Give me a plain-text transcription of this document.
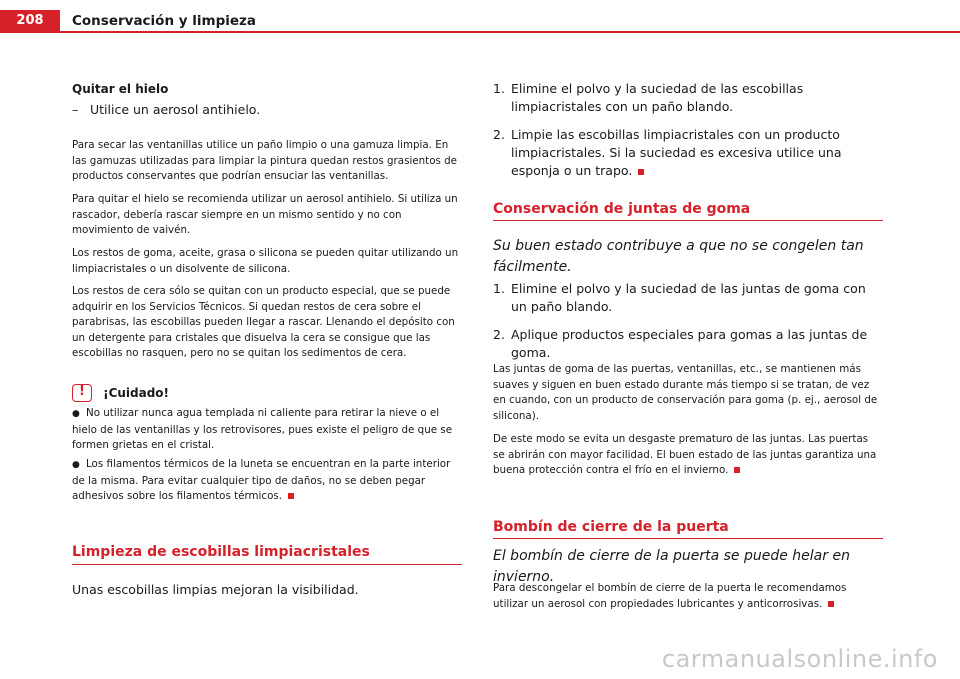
208	Conservación y limpieza
Quitar el hielo
– Utilice un aerosol antihielo.
Para secar las ventanillas utilice un paño limpio o una gamuza limpia. En las gamuzas utilizadas para limpiar la pintura quedan restos grasientos de productos conservantes que podrían ensuciar las ventanillas.
Para quitar el hielo se recomienda utilizar un aerosol antihielo. Si utiliza un rascador, debería rascar siempre en un mismo sentido y no con movimiento de vaivén.
Los restos de goma, aceite, grasa o silicona se pueden quitar utilizando un limpiacristales o un disolvente de silicona.
Los restos de cera sólo se quitan con un producto especial, que se puede adquirir en los Servicios Técnicos. Si quedan restos de cera sobre el parabrisas, las escobillas pueden llegar a rascar. Llenando el depósito con un detergente para cristales que disuelva la cera se consigue que las escobillas no rasquen, pero no se quitan los sedimentos de cera.
! ¡Cuidado!
● No utilizar nunca agua templada ni caliente para retirar la nieve o el hielo de las ventanillas y los retrovisores, pues existe el peligro de que se formen grietas en el cristal.
● Los filamentos térmicos de la luneta se encuentran en la parte interior de la misma. Para evitar cualquier tipo de daños, no se deben pegar adhesivos sobre los filamentos térmicos.
Limpieza de escobillas limpiacristales
Unas escobillas limpias mejoran la visibilidad.
1. Elimine el polvo y la suciedad de las escobillas limpiacristales con un paño blando.
2. Limpie las escobillas limpiacristales con un producto limpiacristales. Si la suciedad es excesiva utilice una esponja o un trapo.
Conservación de juntas de goma
Su buen estado contribuye a que no se congelen tan fácilmente.
1. Elimine el polvo y la suciedad de las juntas de goma con un paño blando.
2. Aplique productos especiales para gomas a las juntas de goma.
Las juntas de goma de las puertas, ventanillas, etc., se mantienen más suaves y siguen en buen estado durante más tiempo si se tratan, de vez en cuando, con un producto de conservación para goma (p. ej., aerosol de silicona).
De este modo se evita un desgaste prematuro de las juntas. Las puertas se abrirán con mayor facilidad. El buen estado de las juntas garantiza una buena protección contra el frío en el invierno.
Bombín de cierre de la puerta
El bombín de cierre de la puerta se puede helar en invierno.
Para descongelar el bombín de cierre de la puerta le recomendamos utilizar un aerosol con propiedades lubricantes y anticorrosivas.
carmanualsonline.info
